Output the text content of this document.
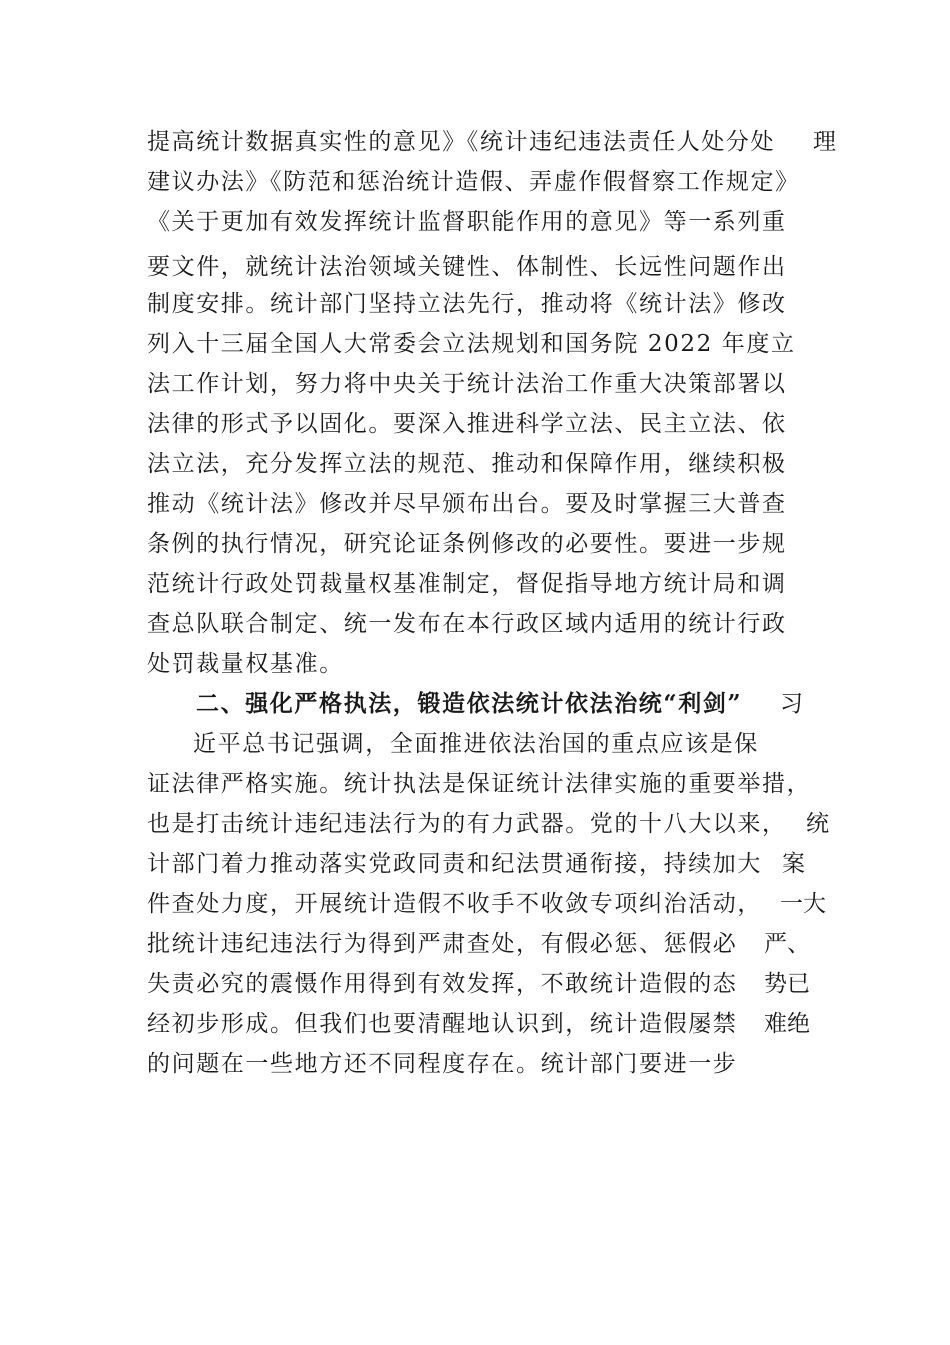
提高统计数据真实性的意见》《统计违纪违法责任人处分处 理
建议办法》《防范和惩治统计造假、弄虚作假督察工作规定》
《关于更加有效发挥统计监督职能作用的意见》等一系列重
要文件，就统计法治领域关键性、体制性、长远性问题作出
制度安排。统计部门坚持立法先行，推动将《统计法》修改
列入十三届全国人大常委会立法规划和国务院 2022 年度立
法工作计划，努力将中央关于统计法治工作重大决策部署以
法律的形式予以固化。要深入推进科学立法、民主立法、依
法立法，充分发挥立法的规范、推动和保障作用，继续积极
推动《统计法》修改并尽早颁布出台。要及时掌握三大普查
条例的执行情况，研究论证条例修改的必要性。要进一步规
范统计行政处罚裁量权基准制定，督促指导地方统计局和调
查总队联合制定、统一发布在本行政区域内适用的统计行政
处罚裁量权基准。
二、强化严格执法，锻造依法统计依法治统“利剑” 习
近平总书记强调，全面推进依法治国的重点应该是保
证法律严格实施。统计执法是保证统计法律实施的重要举措，
也是打击统计违纪违法行为的有力武器。党的十八大以来， 统
计部门着力推动落实党政同责和纪法贯通衔接，持续加大 案
件查处力度，开展统计造假不收手不收敛专项纠治活动， 一大
批统计违纪违法行为得到严肃查处，有假必惩、惩假必 严、
失责必究的震慑作用得到有效发挥，不敢统计造假的态 势已
经初步形成。但我们也要清醒地认识到，统计造假屡禁 难绝
的问题在一些地方还不同程度存在。统计部门要进一步
